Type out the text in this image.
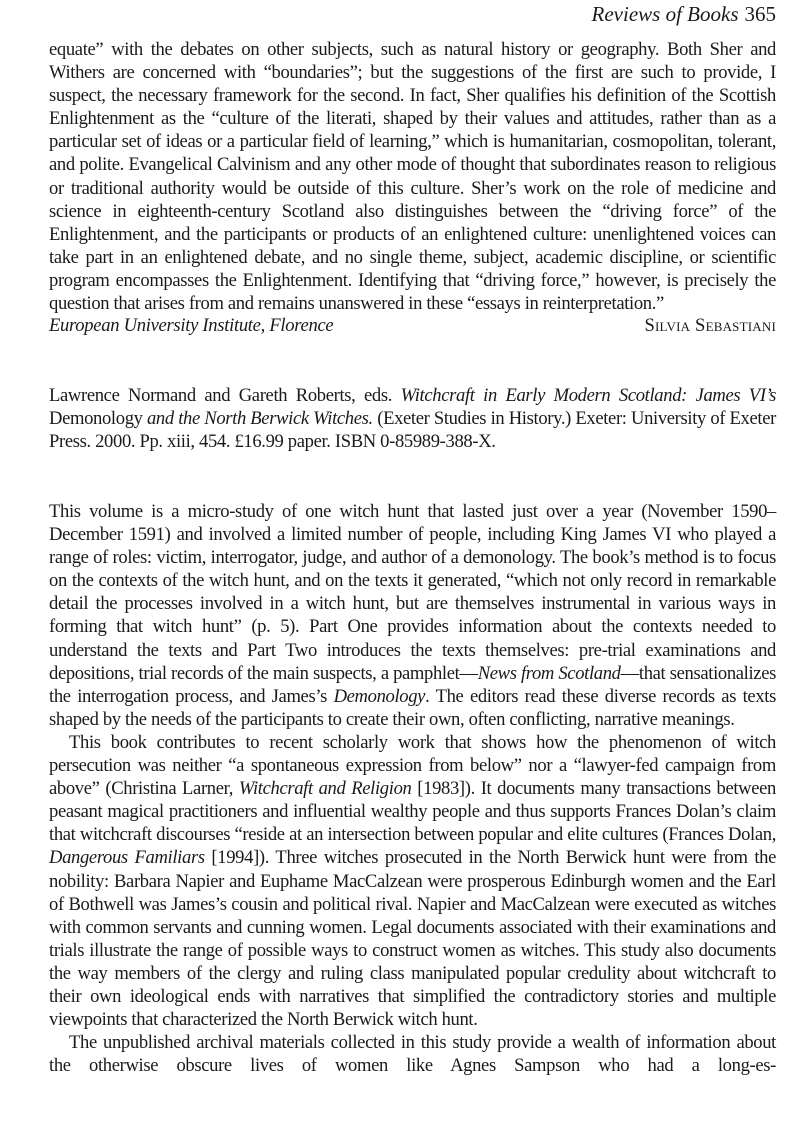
Reviews of Books 365

equate” with the debates on other subjects, such as natural history or geography. Both Sher and Withers are concerned with “boundaries”; but the suggestions of the first are such to provide, I suspect, the necessary framework for the second. In fact, Sher qualifies his definition of the Scottish Enlightenment as the “culture of the literati, shaped by their values and attitudes, rather than as a particular set of ideas or a particular field of learning,” which is humanitarian, cosmopolitan, tolerant, and polite. Evangelical Calvinism and any other mode of thought that subordinates reason to religious or traditional authority would be outside of this culture. Sher’s work on the role of medicine and science in eighteenth-century Scotland also distinguishes between the “driving force” of the Enlightenment, and the participants or products of an enlightened culture: unenlightened voices can take part in an enlightened debate, and no single theme, subject, academic discipline, or scientific program encompasses the Enlightenment. Identifying that “driving force,” however, is precisely the question that arises from and remains unanswered in these “essays in reinterpretation.”

European University Institute, Florence	Silvia Sebastiani

Lawrence Normand and Gareth Roberts, eds. Witchcraft in Early Modern Scotland: James VI’s Demonology and the North Berwick Witches. (Exeter Studies in History.) Exeter: University of Exeter Press. 2000. Pp. xiii, 454. £16.99 paper. ISBN 0-85989-388-X.

This volume is a micro-study of one witch hunt that lasted just over a year (November 1590–December 1591) and involved a limited number of people, including King James VI who played a range of roles: victim, interrogator, judge, and author of a demonology. The book’s method is to focus on the contexts of the witch hunt, and on the texts it generated, “which not only record in remarkable detail the processes involved in a witch hunt, but are themselves instrumental in various ways in forming that witch hunt” (p. 5). Part One provides information about the contexts needed to understand the texts and Part Two introduces the texts themselves: pre-trial examinations and depositions, trial records of the main suspects, a pamphlet—News from Scotland—that sensationalizes the interrogation process, and James’s Demonology. The editors read these diverse records as texts shaped by the needs of the participants to create their own, often conflicting, narrative meanings.

This book contributes to recent scholarly work that shows how the phenomenon of witch persecution was neither “a spontaneous expression from below” nor a “lawyer-fed campaign from above” (Christina Larner, Witchcraft and Religion [1983]). It documents many transactions between peasant magical practitioners and influential wealthy people and thus supports Frances Dolan’s claim that witchcraft discourses “reside at an intersection between popular and elite cultures (Frances Dolan, Dangerous Familiars [1994]). Three witches prosecuted in the North Berwick hunt were from the nobility: Barbara Napier and Euphame MacCalzean were prosperous Edinburgh women and the Earl of Bothwell was James’s cousin and political rival. Napier and MacCalzean were executed as witches with common servants and cunning women. Legal documents associated with their examinations and trials illustrate the range of possible ways to construct women as witches. This study also documents the way members of the clergy and ruling class manipulated popular credulity about witchcraft to their own ideological ends with narratives that simplified the contradictory stories and multiple viewpoints that characterized the North Berwick witch hunt.

The unpublished archival materials collected in this study provide a wealth of information about the otherwise obscure lives of women like Agnes Sampson who had a long-es-
